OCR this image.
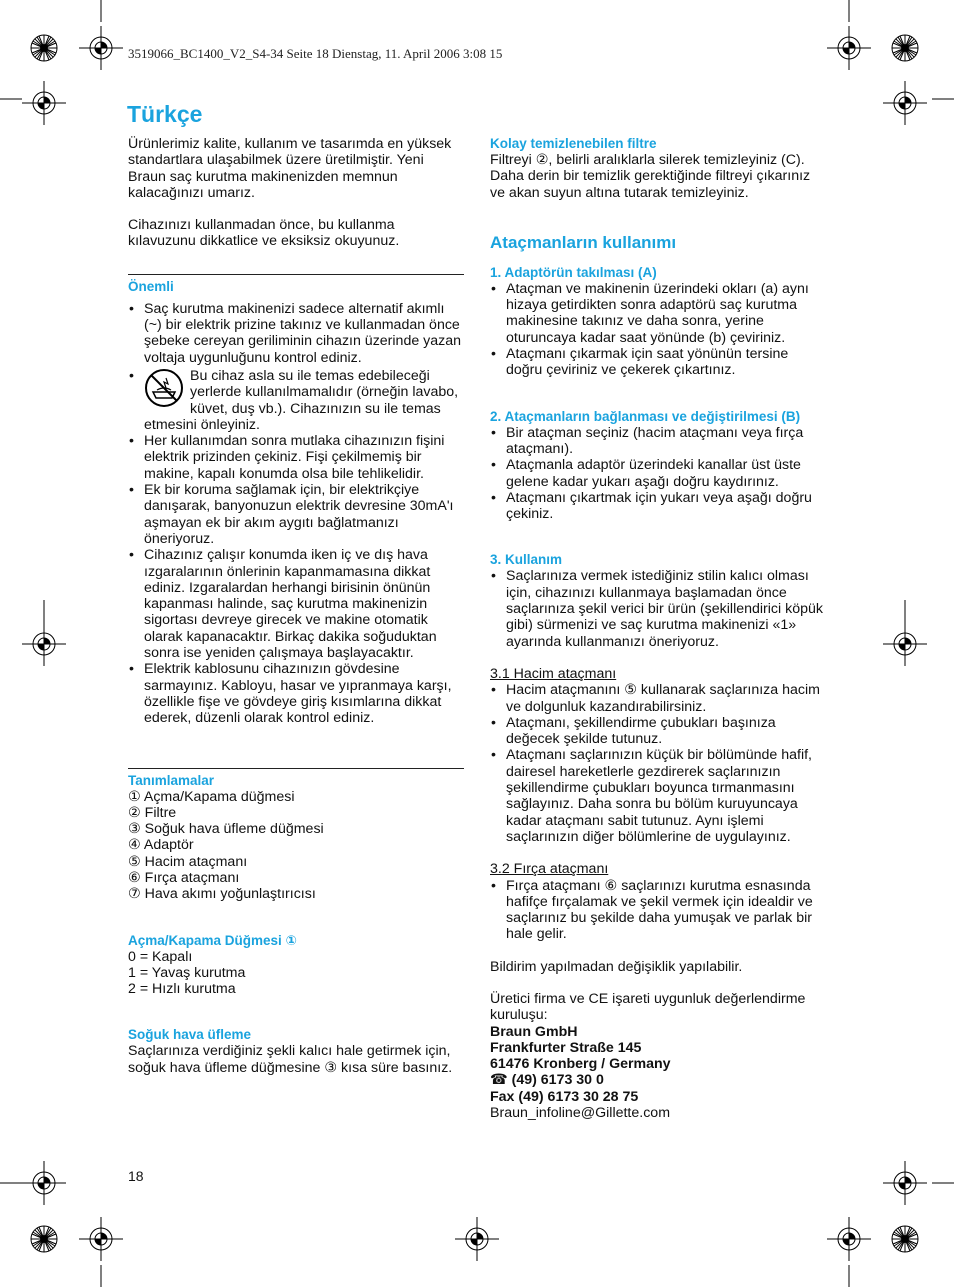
3519066_BC1400_V2_S4-34 Seite 18 Dienstag, 11. April 2006 3:08 15
Türkçe

Ürünlerimiz kalite, kullanım ve tasarımda en yüksek standartlara ulaşabilmek üzere üretilmiştir. Yeni Braun saç kurutma makinenizden memnun kalacağınızı umarız.

Cihazınızı kullanmadan önce, bu kullanma kılavuzunu dikkatlice ve eksiksiz okuyunuz.

Önemli

• Saç kurutma makinenizi sadece alternatif akımlı (~) bir elektrik prizine takınız ve kullanmadan önce şebeke cereyan geriliminin cihazın üzerinde yazan voltaja uygunluğunu kontrol ediniz.
• Bu cihaz asla su ile temas edebileceği yerlerde kullanılmamalıdır (örneğin lavabo, küvet, duş vb.). Cihazınızın su ile temas etmesini önleyiniz.
• Her kullanımdan sonra mutlaka cihazınızın fişini elektrik prizinden çekiniz. Fişi çekilmemiş bir makine, kapalı konumda olsa bile tehlikelidir.
• Ek bir koruma sağlamak için, bir elektrikçiye danışarak, banyonuzun elektrik devresine 30mA'ı aşmayan ek bir akım aygıtı bağlatmanızı öneriyoruz.
• Cihazınız çalışır konumda iken iç ve dış hava ızgaralarının önlerinin kapanmamasına dikkat ediniz. Izgaralardan herhangi birisinin önünün kapanması halinde, saç kurutma makinenizin sigortası devreye girecek ve makine otomatik olarak kapanacaktır. Birkaç dakika soğuduktan sonra ise yeniden çalışmaya başlayacaktır.
• Elektrik kablosunu cihazınızın gövdesine sarmayınız. Kabloyu, hasar ve yıpranmaya karşı, özellikle fişe ve gövdeye giriş kısımlarına dikkat ederek, düzenli olarak kontrol ediniz.

Tanımlamalar

① Açma/Kapama düğmesi

② Filtre

③ Soğuk hava üfleme düğmesi

④ Adaptör

⑤ Hacim ataçmanı

⑥ Fırça ataçmanı

⑦ Hava akımı yoğunlaştırıcısı

Açma/Kapama Düğmesi ①

0 = Kapalı

1 = Yavaş kurutma

2 = Hızlı kurutma

Soğuk hava üfleme

Saçlarınıza verdiğiniz şekli kalıcı hale getirmek için, soğuk hava üfleme düğmesine ③ kısa süre basınız.

Kolay temizlenebilen filtre

Filtreyi ②, belirli aralıklarla silerek temizleyiniz (C). Daha derin bir temizlik gerektiğinde filtreyi çıkarınız ve akan suyun altına tutarak temizleyiniz.

Ataçmanların kullanımı

1. Adaptörün takılması (A)

• Ataçman ve makinenin üzerindeki okları (a) aynı hizaya getirdikten sonra adaptörü saç kurutma makinesine takınız ve daha sonra, yerine oturuncaya kadar saat yönünde (b) çeviriniz.
• Ataçmanı çıkarmak için saat yönünün tersine doğru çeviriniz ve çekerek çıkartınız.

2. Ataçmanların bağlanması ve değiştirilmesi (B)

• Bir ataçman seçiniz (hacim ataçmanı veya fırça ataçmanı).
• Ataçmanla adaptör üzerindeki kanallar üst üste gelene kadar yukarı aşağı doğru kaydırınız.
• Ataçmanı çıkartmak için yukarı veya aşağı doğru çekiniz.

3. Kullanım

• Saçlarınıza vermek istediğiniz stilin kalıcı olması için, cihazınızı kullanmaya başlamadan önce saçlarınıza şekil verici bir ürün (şekillendirici köpük gibi) sürmenizi ve saç kurutma makinenizi «1» ayarında kullanmanızı öneriyoruz.

3.1 Hacim ataçmanı

• Hacim ataçmanını ⑤ kullanarak saçlarınıza hacim ve dolgunluk kazandırabilirsiniz.
• Ataçmanı, şekillendirme çubukları başınıza değecek şekilde tutunuz.
• Ataçmanı saçlarınızın küçük bir bölümünde hafif, dairesel hareketlerle gezdirerek saçlarınızın şekillendirme çubukları boyunca tırmanmasını sağlayınız. Daha sonra bu bölüm kuruyuncaya kadar ataçmanı sabit tutunuz. Aynı işlemi saçlarınızın diğer bölümlerine de uygulayınız.

3.2 Fırça ataçmanı

• Fırça ataçmanı ⑥ saçlarınızı kurutma esnasında hafifçe fırçalamak ve şekil vermek için idealdir ve saçlarınız bu şekilde daha yumuşak ve parlak bir hale gelir.

Bildirim yapılmadan değişiklik yapılabilir.

Üretici firma ve CE işareti uygunluk değerlendirme kuruluşu:

Braun GmbH

Frankfurter Straße 145

61476 Kronberg / Germany

☎ (49) 6173 30 0

Fax (49) 6173 30 28 75

Braun_infoline@Gillette.com

18
